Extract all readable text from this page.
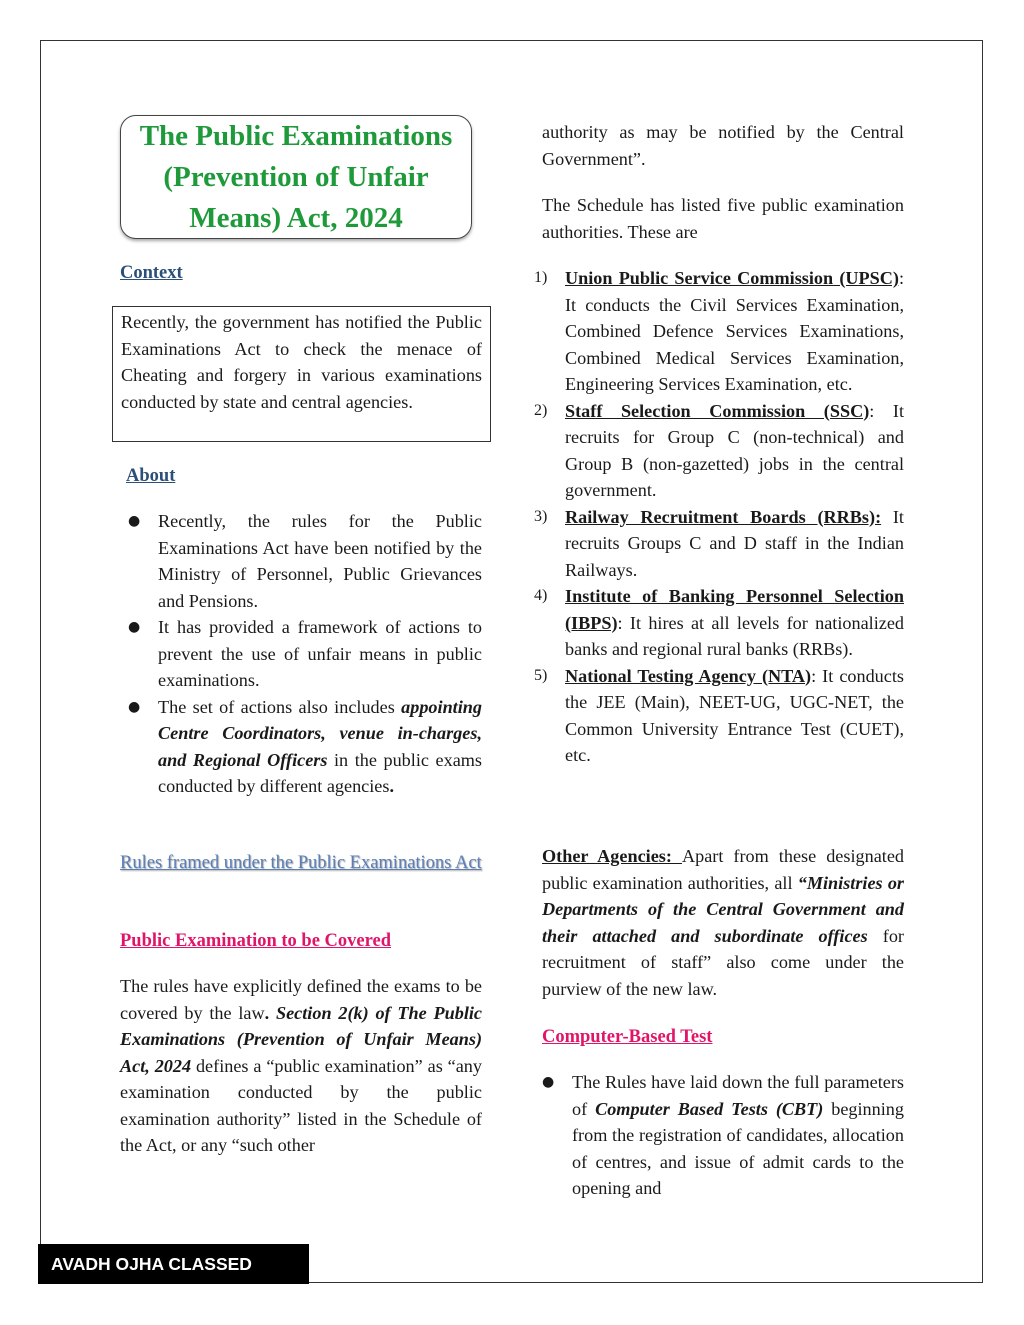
The Public Examinations (Prevention of Unfair Means) Act, 2024
Context

Recently, the government has notified the Public Examinations Act to check the menace of Cheating and forgery in various examinations conducted by state and central agencies.

About
● Recently, the rules for the Public Examinations Act have been notified by the Ministry of Personnel, Public Grievances and Pensions.
● It has provided a framework of actions to prevent the use of unfair means in public examinations.
● The set of actions also includes appointing Centre Coordinators, venue in-charges, and Regional Officers in the public exams conducted by different agencies.
Rules framed under the Public Examinations Act
Public Examination to be Covered
The rules have explicitly defined the exams to be covered by the law. Section 2(k) of The Public Examinations (Prevention of Unfair Means) Act, 2024 defines a “public examination” as “any examination conducted by the public examination authority” listed in the Schedule of the Act, or any “such other

authority as may be notified by the Central Government”.

The Schedule has listed five public examination authorities. These are

1) Union Public Service Commission (UPSC): It conducts the Civil Services Examination, Combined Defence Services Examinations, Combined Medical Services Examination, Engineering Services Examination, etc.
2) Staff Selection Commission (SSC): It recruits for Group C (non-technical) and Group B (non-gazetted) jobs in the central government.
3) Railway Recruitment Boards (RRBs): It recruits Groups C and D staff in the Indian Railways.
4) Institute of Banking Personnel Selection (IBPS): It hires at all levels for nationalized banks and regional rural banks (RRBs).
5) National Testing Agency (NTA): It conducts the JEE (Main), NEET-UG, UGC-NET, the Common University Entrance Test (CUET), etc.
Other Agencies: Apart from these designated public examination authorities, all “Ministries or Departments of the Central Government and their attached and subordinate offices for recruitment of staff” also come under the purview of the new law.
Computer-Based Test
● The Rules have laid down the full parameters of Computer Based Tests (CBT) beginning from the registration of candidates, allocation of centres, and issue of admit cards to the opening and
AVADH OJHA CLASSED
